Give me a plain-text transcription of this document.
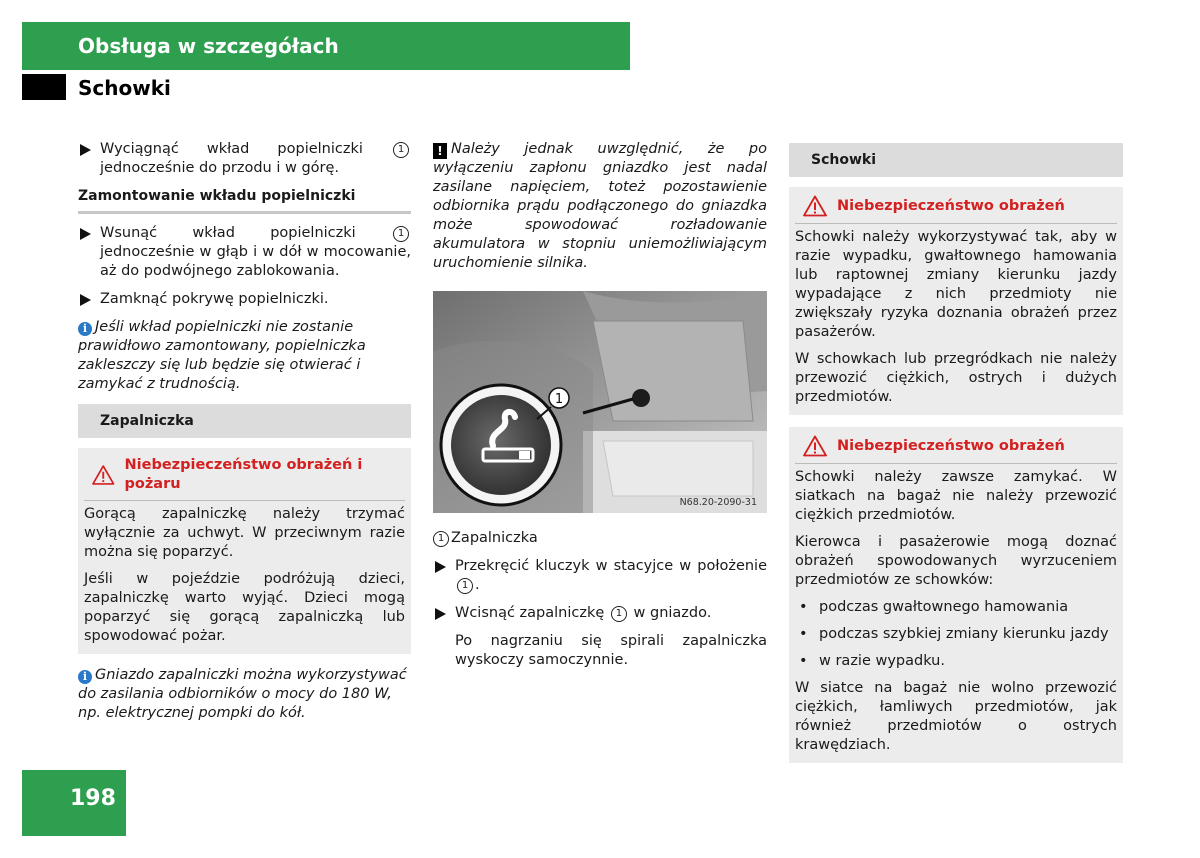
Obsługa w szczegółach
Schowki
Wyciągnąć wkład popielniczki	1 jednocześnie do przodu i w górę.
Zamontowanie wkładu popielniczki
Wsunąć wkład popielniczki	1 jednocześnie w głąb i w dół w mocowanie, aż do podwójnego zablokowania.
Zamknąć pokrywę popielniczki.
i Jeśli wkład popielniczki nie zostanie prawidłowo zamontowany, popielniczka zakleszczy się lub będzie się otwierać i zamykać z trudnością.
Zapalniczka
Niebezpieczeństwo obrażeń i pożaru

Gorącą zapalniczkę należy trzymać wyłącznie za uchwyt. W przeciwnym razie można się poparzyć.

Jeśli w pojeździe podróżują dzieci, zapalniczkę warto wyjąć. Dzieci mogą poparzyć się gorącą zapalniczką lub spowodować pożar.

i Gniazdo zapalniczki można wykorzystywać do zasilania odbiorników o mocy do 180 W, np. elektrycznej pompki do kół.
! Należy jednak uwzględnić, że po wyłączeniu zapłonu gniazdko jest nadal zasilane napięciem, toteż pozostawienie odbiornika prądu podłączonego do gniazdka może spowodować rozładowanie akumulatora w stopniu uniemożliwiającym uruchomienie silnika.
1
N68.20-2090-31

1 Zapalniczka

Przekręcić kluczyk w stacyjce w położenie 1 .
Wcisnąć zapalniczkę 1 w gniazdo.

Po nagrzaniu się spirali zapalniczka wyskoczy samoczynnie.

Schowki
Niebezpieczeństwo obrażeń

Schowki należy wykorzystywać tak, aby w razie wypadku, gwałtownego hamowania lub raptownej zmiany kierunku jazdy wypadające z nich przedmioty nie zwiększały ryzyka doznania obrażeń przez pasażerów.

W schowkach lub przegródkach nie należy przewozić ciężkich, ostrych i dużych przedmiotów.

Niebezpieczeństwo obrażeń

Schowki należy zawsze zamykać. W siatkach na bagaż nie należy przewozić ciężkich przedmiotów.

Kierowca i pasażerowie mogą doznać obrażeń spowodowanych wyrzuceniem przedmiotów ze schowków:

• podczas gwałtownego hamowania
• podczas szybkiej zmiany kierunku jazdy
• w razie wypadku.

W siatce na bagaż nie wolno przewozić ciężkich, łamliwych przedmiotów, jak również przedmiotów o ostrych krawędziach.

198
